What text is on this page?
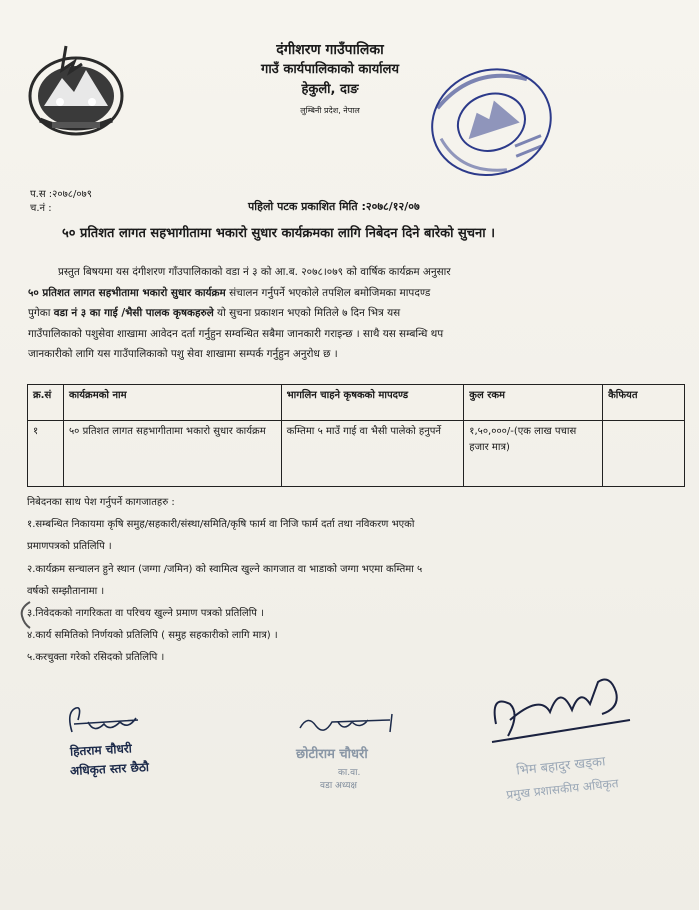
दंगीशरण गाउँपालिका
गाउँ कार्यपालिकाको कार्यालय
हेकुली, दाङ
लुम्बिनी प्रदेश, नेपाल
प.स :२०७८/०७९
च.नं :	पहिलो पटक प्रकाशित मिति :२०७८/१२/०७
५० प्रतिशत लागत सहभागीतामा भकारो सुधार कार्यक्रमका लागि निबेदन दिने बारेको सुचना ।
प्रस्तुत बिषयमा यस दंगीशरण गाँउपालिकाको वडा नं ३ को आ.ब. २०७८।०७९ को वार्षिक कार्यक्रम अनुसार
५० प्रतिशत लागत सहभीतामा भकारो सुधार कार्यक्रम संचालन गर्नुपर्ने भएकोले तपशिल बमोजिमका मापदण्ड
पुगेका वडा नं ३ का गाई /भैसी पालक कृषकहरुले यो सुचना प्रकाशन भएको मितिले ७ दिन भित्र यस
गाउँपालिकाको पशुसेवा शाखामा आवेदन दर्ता गर्नुहुन सम्वन्धित सबैमा जानकारी गराइन्छ । साथै यस सम्बन्धि थप
जानकारीको लागि यस गाउँपालिकाको पशु सेवा शाखामा सम्पर्क गर्नुहुन अनुरोध छ ।
क्र.सं	कार्यक्रमको नाम	भागलिन चाहने कृषकको मापदण्ड	कुल रकम	कैफियत
१	५० प्रतिशत लागत सहभागीतामा भकारो सुधार कार्यक्रम	कम्तिमा ५ माउँ गाई वा भैसी पालेको हनुपर्ने	१,५०,०००/-(एक लाख पचास हजार मात्र)	
निबेदनका साथ पेश गर्नुपर्ने कागजातहरु :
१.सम्बन्धित निकायमा कृषि समुह/सहकारी/संस्था/समिति/कृषि फार्म वा निजि फार्म दर्ता तथा नविकरण भएको
प्रमाणपत्रको प्रतिलिपि ।
२.कार्यक्रम सन्चालन हुने स्थान (जग्गा /जमिन) को स्वामित्व खुल्ने कागजात वा भाडाको जग्गा भएमा कम्तिमा ५
वर्षको सम्झौतानामा ।
३.निवेदकको नागरिकता वा परिचय खुल्ने प्रमाण पत्रको प्रतिलिपि ।
४.कार्य समितिको निर्णयको प्रतिलिपि ( समुह सहकारीको लागि मात्र) ।
५.करचुक्ता गरेको रसिदको प्रतिलिपि ।
हितराम चौधरी
अधिकृत स्तर छैठौ
छोटीराम चौधरी
का.वा.
वडा अध्यक्ष
भिम बहादुर खड्का
प्रमुख प्रशासकीय अधिकृत
